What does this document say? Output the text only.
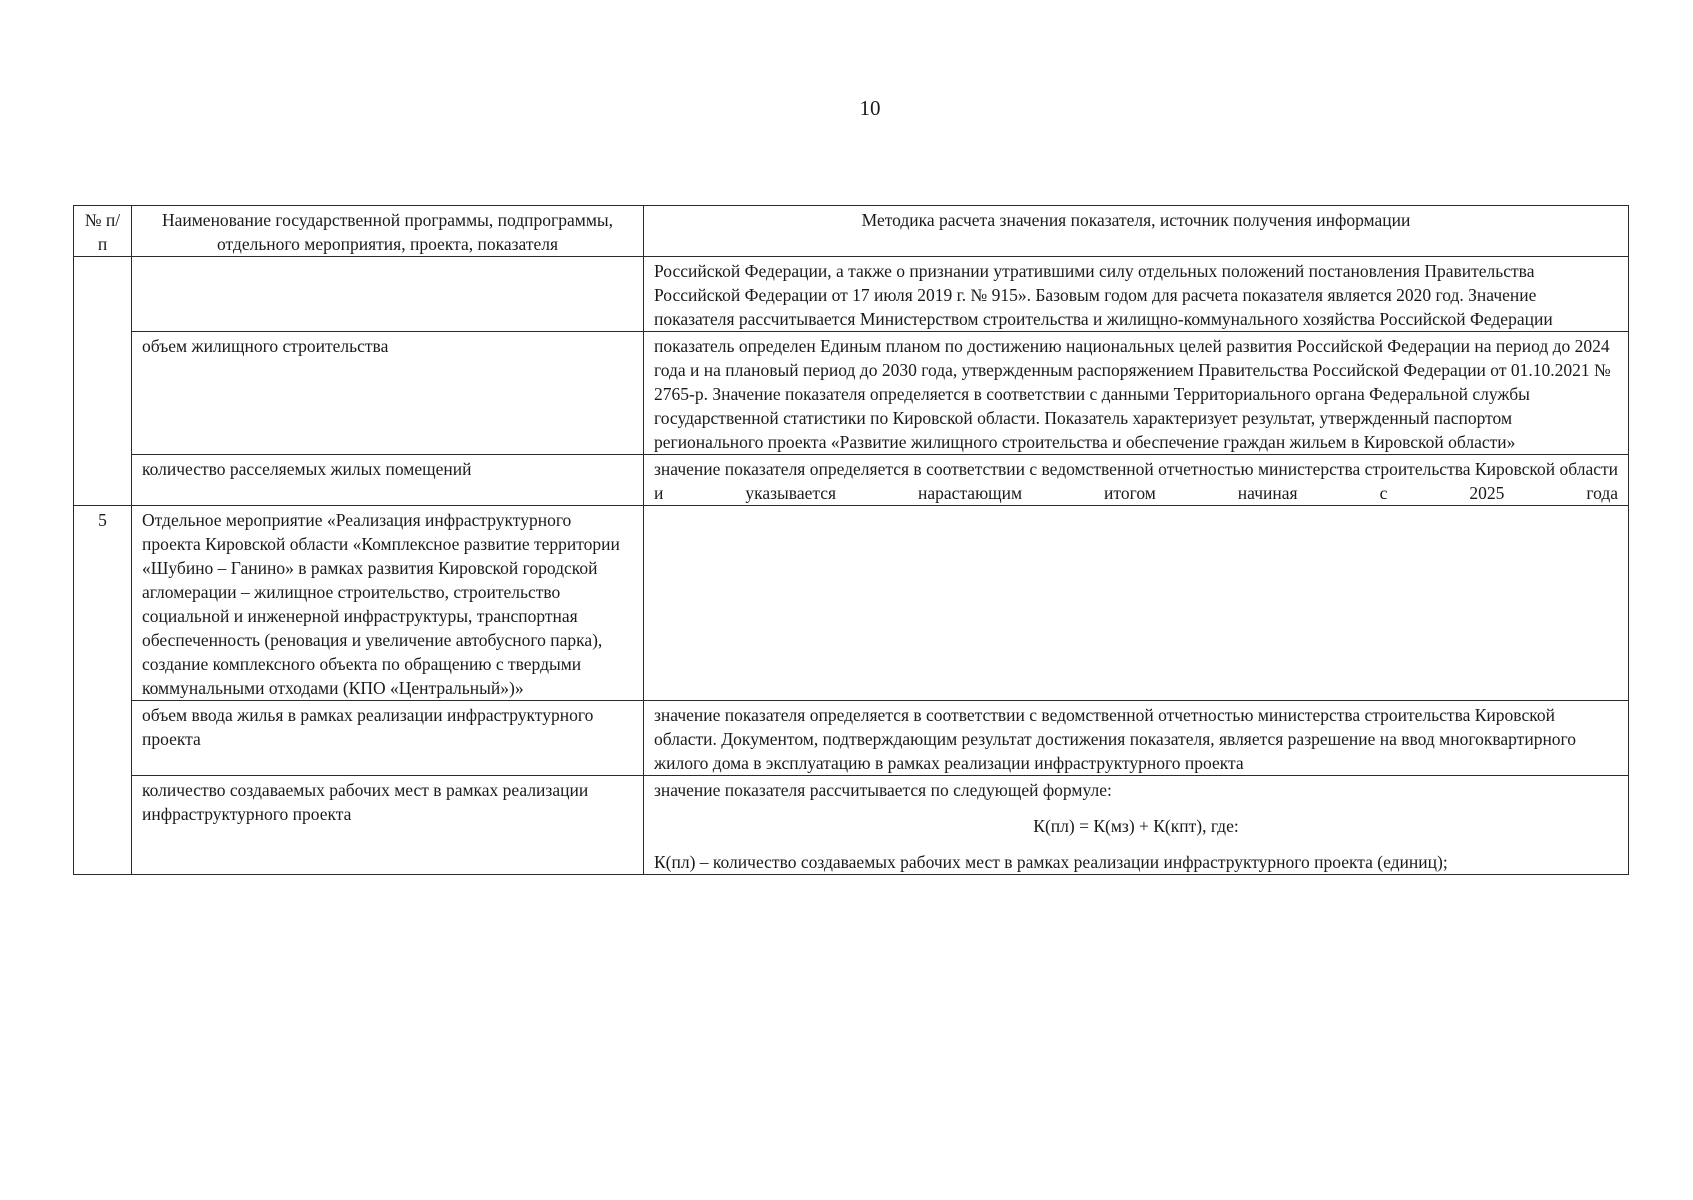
10
№ п/п	Наименование государственной программы, подпрограммы, отдельного мероприятия, проекта, показателя	Методика расчета значения показателя, источник получения информации
		Российской Федерации, а также о признании утратившими силу отдельных положений постановления Правительства Российской Федерации от 17 июля 2019 г. № 915». Базовым годом для расчета показателя является 2020 год. Значение показателя рассчитывается Министерством строительства и жилищно-коммунального хозяйства Российской Федерации
	объем жилищного строительства	показатель определен Единым планом по достижению национальных целей развития Российской Федерации на период до 2024 года и на плановый период до 2030 года, утвержденным распоряжением Правительства Российской Федерации от 01.10.2021 № 2765-р. Значение показателя определяется в соответствии с данными Территориального органа Федеральной службы государственной статистики по Кировской области. Показатель характеризует результат, утвержденный паспортом регионального проекта «Развитие жилищного строительства и обеспечение граждан жильем в Кировской области»
	количество расселяемых жилых помещений	значение показателя определяется в соответствии с ведомственной отчетностью министерства строительства Кировской области и указывается нарастающим итогом начиная с 2025 года
5	Отдельное мероприятие «Реализация инфраструктурного проекта Кировской области «Комплексное развитие территории «Шубино – Ганино» в рамках развития Кировской городской агломерации – жилищное строительство, строительство социальной и инженерной инфраструктуры, транспортная обеспеченность (реновация и увеличение автобусного парка), создание комплексного объекта по обращению с твердыми коммунальными отходами (КПО «Центральный»)»	
	объем ввода жилья в рамках реализации инфраструктурного проекта	значение показателя определяется в соответствии с ведомственной отчетностью министерства строительства Кировской области. Документом, подтверждающим результат достижения показателя, является разрешение на ввод многоквартирного жилого дома в эксплуатацию в рамках реализации инфраструктурного проекта
	количество создаваемых рабочих мест в рамках реализации инфраструктурного проекта	значение показателя рассчитывается по следующей формуле:
К(пл) = К(мз) + К(кпт), где:
К(пл) – количество создаваемых рабочих мест в рамках реализации инфраструктурного проекта (единиц);
